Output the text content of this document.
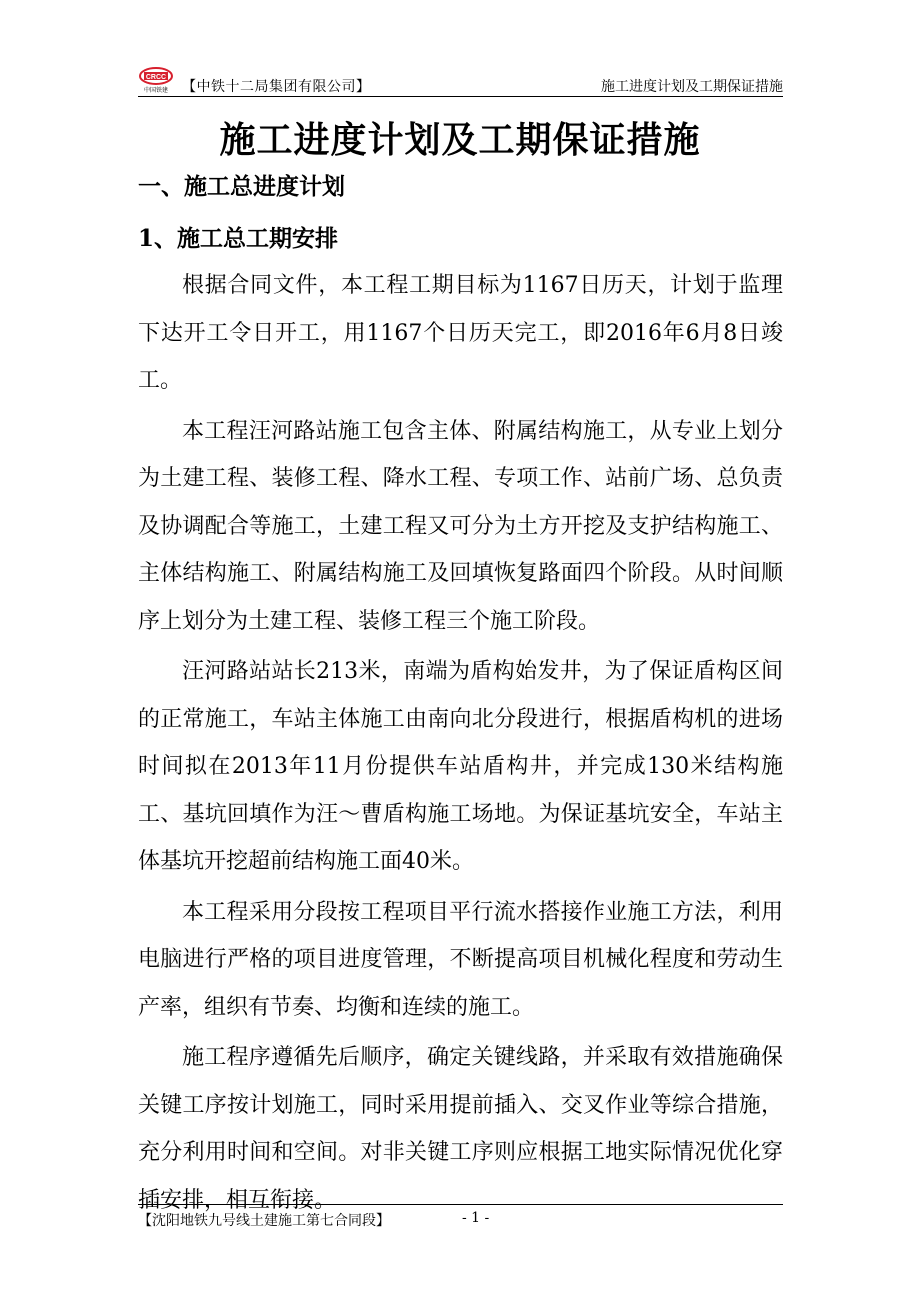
CRCC
中国铁建 【中铁十二局集团有限公司】	施工进度计划及工期保证措施
施工进度计划及工期保证措施
一、施工总进度计划
1、施工总工期安排

根据合同文件，本工程工期目标为1167日历天，计划于监理下达开工令日开工，用1167个日历天完工，即2016年6月8日竣工。

本工程汪河路站施工包含主体、附属结构施工，从专业上划分为土建工程、装修工程、降水工程、专项工作、站前广场、总负责及协调配合等施工，土建工程又可分为土方开挖及支护结构施工、主体结构施工、附属结构施工及回填恢复路面四个阶段。从时间顺序上划分为土建工程、装修工程三个施工阶段。

汪河路站站长213米，南端为盾构始发井，为了保证盾构区间的正常施工，车站主体施工由南向北分段进行，根据盾构机的进场时间拟在2013年11月份提供车站盾构井，并完成130米结构施工、基坑回填作为汪～曹盾构施工场地。为保证基坑安全，车站主体基坑开挖超前结构施工面40米。

本工程采用分段按工程项目平行流水搭接作业施工方法，利用电脑进行严格的项目进度管理，不断提高项目机械化程度和劳动生产率，组织有节奏、均衡和连续的施工。

施工程序遵循先后顺序，确定关键线路，并采取有效措施确保关键工序按计划施工，同时采用提前插入、交叉作业等综合措施，充分利用时间和空间。对非关键工序则应根据工地实际情况优化穿插安排，相互衔接。

【沈阳地铁九号线土建施工第七合同段】	- 1 -
